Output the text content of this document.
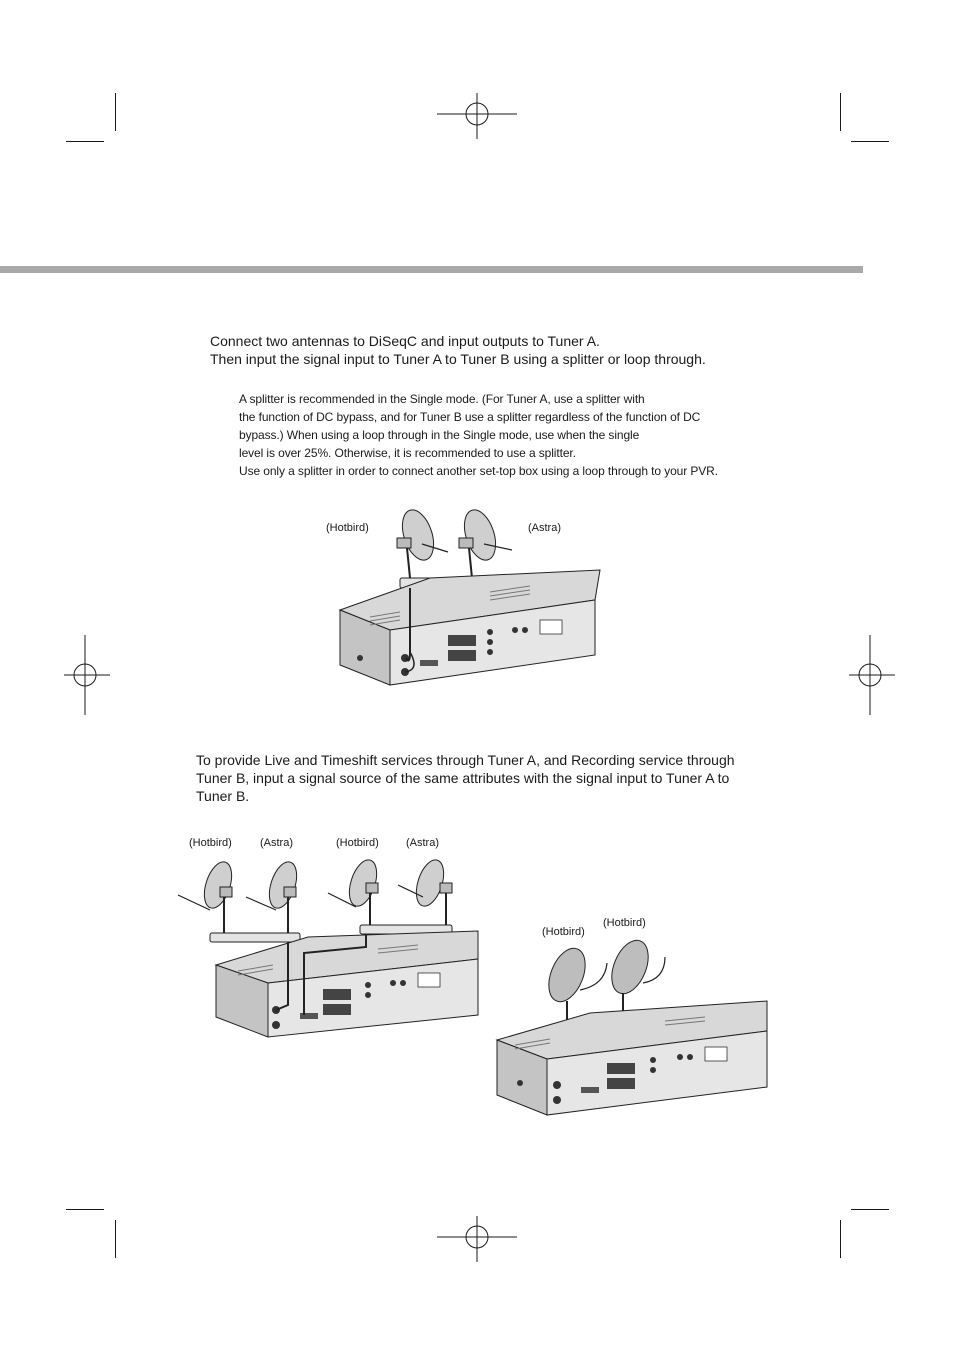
Connect two antennas to DiSeqC and input outputs to Tuner A.
Then input the signal input to Tuner A to Tuner B using a splitter or loop through.
A splitter is recommended in the Single mode. (For Tuner A, use a splitter with
the function of DC bypass, and for Tuner B use a splitter regardless of the function of DC
bypass.) When using a loop through in the Single mode, use when the single
level is over 25%. Otherwise, it is recommended to use a splitter.
Use only a splitter in order to connect another set-top box using a loop through to your PVR.
(Hotbird)	(Astra)
To provide Live and Timeshift services through Tuner A, and Recording service through
Tuner B, input a signal source of the same attributes with the signal input to Tuner A to
Tuner B.
(Hotbird)	(Astra)	(Hotbird) (Astra)
(Hotbird)
(Hotbird)
